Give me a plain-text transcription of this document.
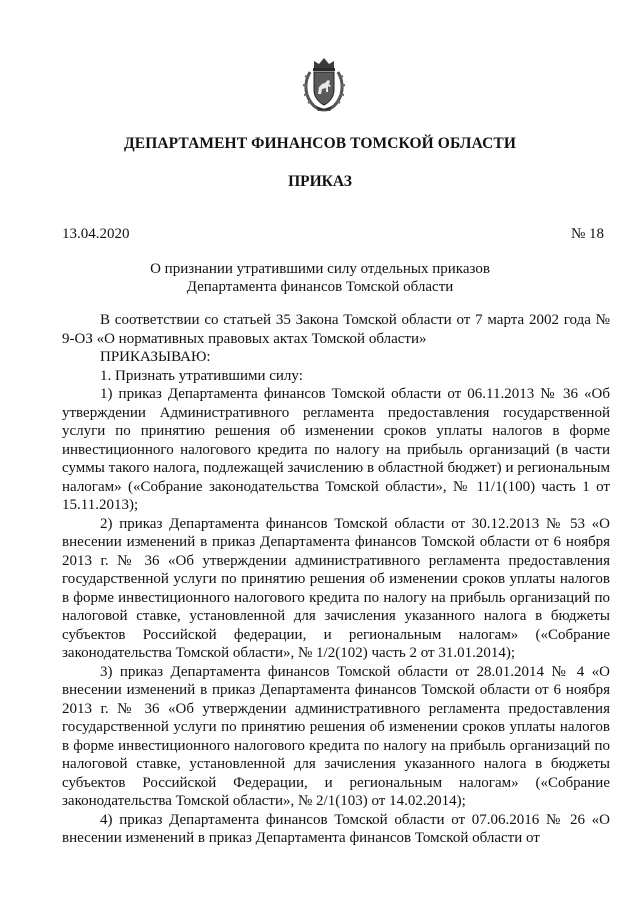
ДЕПАРТАМЕНТ ФИНАНСОВ ТОМСКОЙ ОБЛАСТИ
ПРИКАЗ
13.04.2020	№ 18
О признании утратившими силу отдельных приказов
Департамента финансов Томской области

В соответствии со статьей 35 Закона Томской области от 7 марта 2002 года № 9-ОЗ «О нормативных правовых актах Томской области»

ПРИКАЗЫВАЮ:

1. Признать утратившими силу:

1) приказ Департамента финансов Томской области от 06.11.2013 № 36 «Об утверждении Административного регламента предоставления государственной услуги по принятию решения об изменении сроков уплаты налогов в форме инвестиционного налогового кредита по налогу на прибыль организаций (в части суммы такого налога, подлежащей зачислению в областной бюджет) и региональным налогам» («Собрание законодательства Томской области», № 11/1(100) часть 1 от 15.11.2013);

2) приказ Департамента финансов Томской области от 30.12.2013 № 53 «О внесении изменений в приказ Департамента финансов Томской области от 6 ноября 2013 г. № 36 «Об утверждении административного регламента предоставления государственной услуги по принятию решения об изменении сроков уплаты налогов в форме инвестиционного налогового кредита по налогу на прибыль организаций по налоговой ставке, установленной для зачисления указанного налога в бюджеты субъектов Российской федерации, и региональным налогам» («Собрание законодательства Томской области», № 1/2(102) часть 2 от 31.01.2014);

3) приказ Департамента финансов Томской области от 28.01.2014 № 4 «О внесении изменений в приказ Департамента финансов Томской области от 6 ноября 2013 г. № 36 «Об утверждении административного регламента предоставления государственной услуги по принятию решения об изменении сроков уплаты налогов в форме инвестиционного налогового кредита по налогу на прибыль организаций по налоговой ставке, установленной для зачисления указанного налога в бюджеты субъектов Российской Федерации, и региональным налогам» («Собрание законодательства Томской области», № 2/1(103) от 14.02.2014);

4) приказ Департамента финансов Томской области от 07.06.2016 № 26 «О внесении изменений в приказ Департамента финансов Томской области от
